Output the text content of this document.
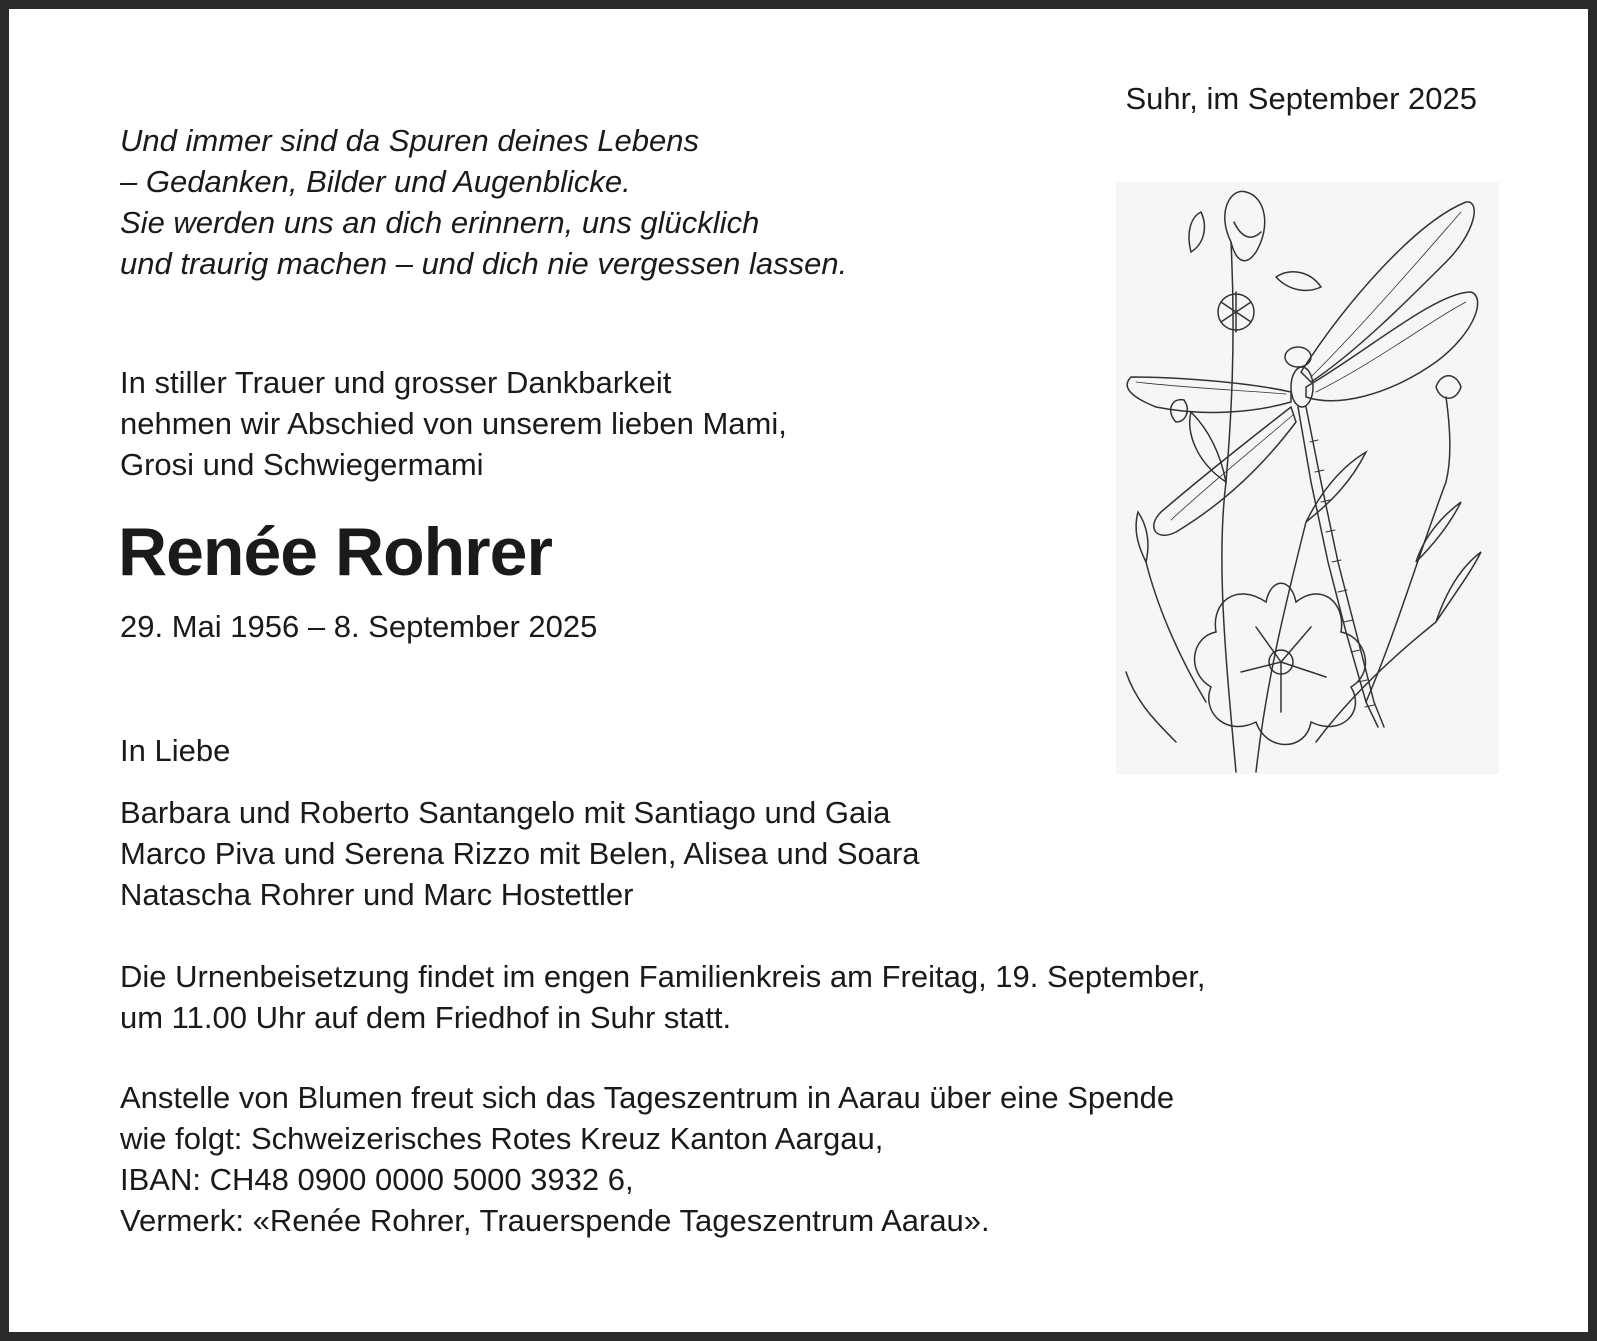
Suhr, im September 2025
Und immer sind da Spuren deines Lebens
– Gedanken, Bilder und Augenblicke.
Sie werden uns an dich erinnern, uns glücklich
und traurig machen – und dich nie vergessen lassen.
In stiller Trauer und grosser Dankbarkeit
nehmen wir Abschied von unserem lieben Mami,
Grosi und Schwiegermami
Renée Rohrer
29. Mai 1956 – 8. September 2025
In Liebe
Barbara und Roberto Santangelo mit Santiago und Gaia
Marco Piva und Serena Rizzo mit Belen, Alisea und Soara
Natascha Rohrer und Marc Hostettler
Die Urnenbeisetzung findet im engen Familienkreis am Freitag, 19. September,
um 11.00 Uhr auf dem Friedhof in Suhr statt.
Anstelle von Blumen freut sich das Tageszentrum in Aarau über eine Spende
wie folgt: Schweizerisches Rotes Kreuz Kanton Aargau,
IBAN: CH48 0900 0000 5000 3932 6,
Vermerk: «Renée Rohrer, Trauerspende Tageszentrum Aarau».
